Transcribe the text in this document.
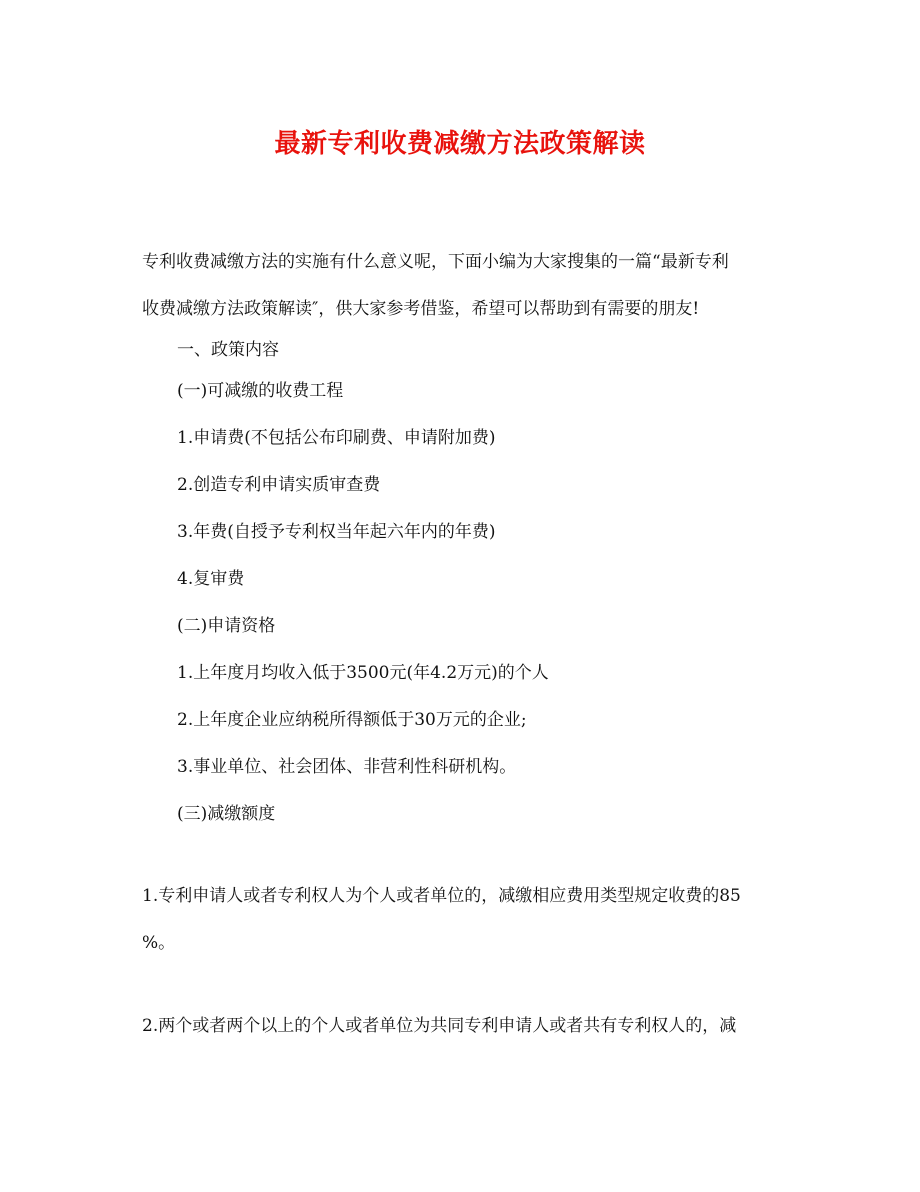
最新专利收费减缴方法政策解读
专利收费减缴方法的实施有什么意义呢，下面小编为大家搜集的一篇“最新专利
收费减缴方法政策解读″，供大家参考借鉴，希望可以帮助到有需要的朋友!
一、政策内容
(一)可减缴的收费工程
1.申请费(不包括公布印刷费、申请附加费)
2.创造专利申请实质审查费
3.年费(自授予专利权当年起六年内的年费)
4.复审费
(二)申请资格
1.上年度月均收入低于3500元(年4.2万元)的个人
2.上年度企业应纳税所得额低于30万元的企业;
3.事业单位、社会团体、非营利性科研机构。
(三)减缴额度
1.专利申请人或者专利权人为个人或者单位的，减缴相应费用类型规定收费的85
%。
2.两个或者两个以上的个人或者单位为共同专利申请人或者共有专利权人的，减
